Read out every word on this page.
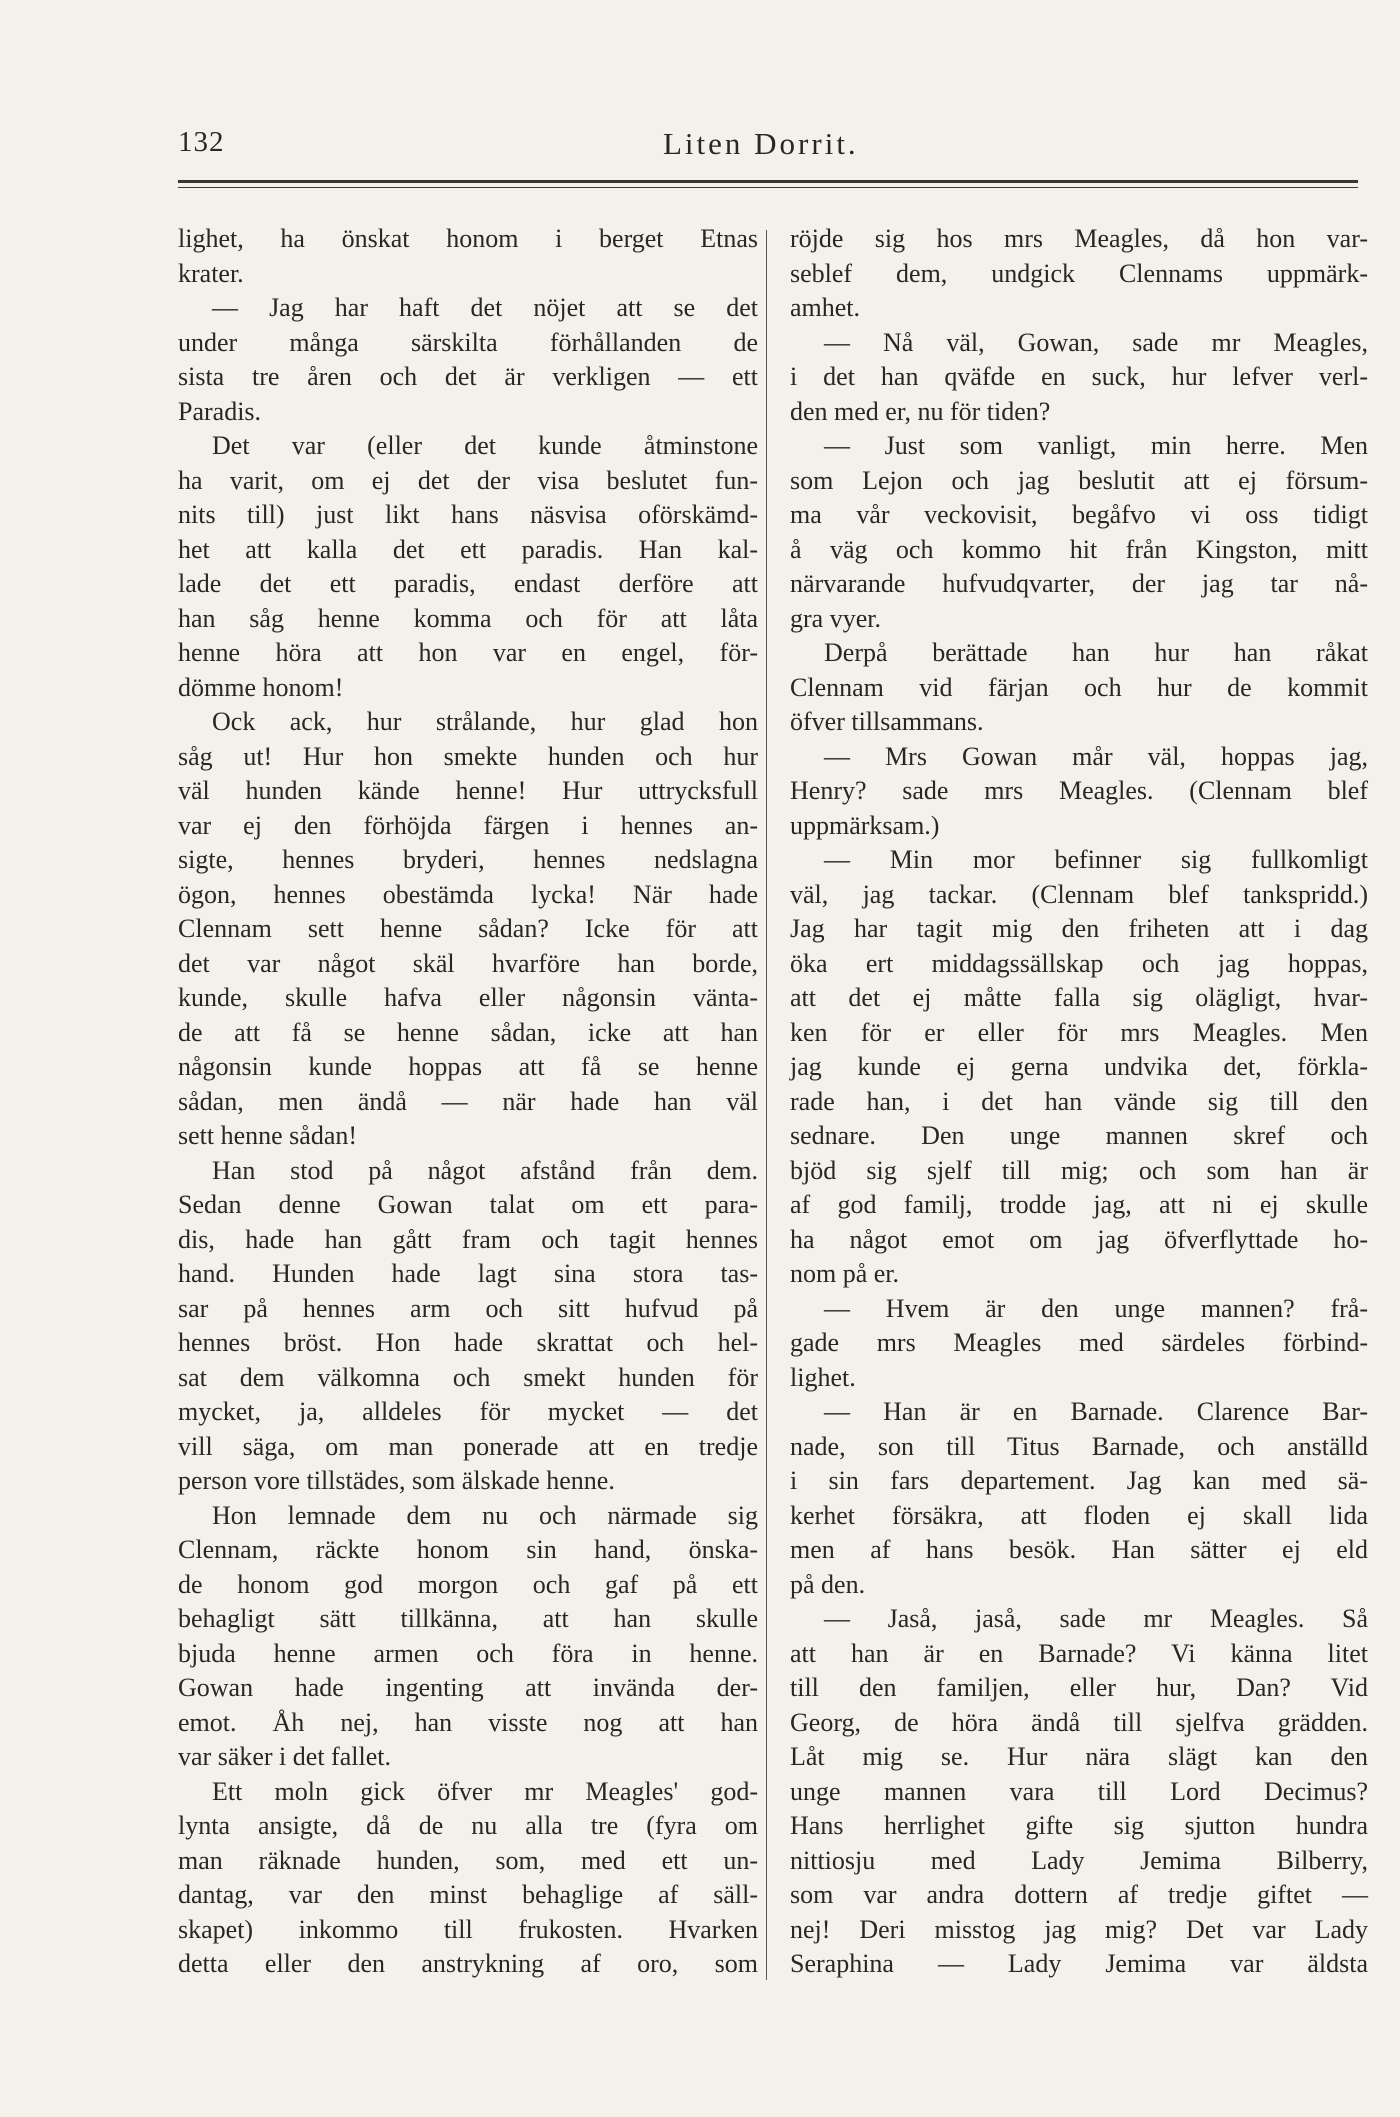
132	Liten Dorrit.
lighet, ha önskat honom i berget Etnas
krater.
— Jag har haft det nöjet att se det
under många särskilta förhållanden de
sista tre åren och det är verkligen — ett
Paradis.
Det var (eller det kunde åtminstone
ha varit, om ej det der visa beslutet fun-
nits till) just likt hans näsvisa oförskämd-
het att kalla det ett paradis. Han kal-
lade det ett paradis, endast derföre att
han såg henne komma och för att låta
henne höra att hon var en engel, för-
dömme honom!
Ock ack, hur strålande, hur glad hon
såg ut! Hur hon smekte hunden och hur
väl hunden kände henne! Hur uttrycksfull
var ej den förhöjda färgen i hennes an-
sigte, hennes bryderi, hennes nedslagna
ögon, hennes obestämda lycka! När hade
Clennam sett henne sådan? Icke för att
det var något skäl hvarföre han borde,
kunde, skulle hafva eller någonsin vänta-
de att få se henne sådan, icke att han
någonsin kunde hoppas att få se henne
sådan, men ändå — när hade han väl
sett henne sådan!
Han stod på något afstånd från dem.
Sedan denne Gowan talat om ett para-
dis, hade han gått fram och tagit hennes
hand. Hunden hade lagt sina stora tas-
sar på hennes arm och sitt hufvud på
hennes bröst. Hon hade skrattat och hel-
sat dem välkomna och smekt hunden för
mycket, ja, alldeles för mycket — det
vill säga, om man ponerade att en tredje
person vore tillstädes, som älskade henne.
Hon lemnade dem nu och närmade sig
Clennam, räckte honom sin hand, önska-
de honom god morgon och gaf på ett
behagligt sätt tillkänna, att han skulle
bjuda henne armen och föra in henne.
Gowan hade ingenting att invända der-
emot. Åh nej, han visste nog att han
var säker i det fallet.
Ett moln gick öfver mr Meagles' god-
lynta ansigte, då de nu alla tre (fyra om
man räknade hunden, som, med ett un-
dantag, var den minst behaglige af säll-
skapet) inkommo till frukosten. Hvarken
detta eller den anstrykning af oro, som
röjde sig hos mrs Meagles, då hon var-
seblef dem, undgick Clennams uppmärk-
amhet.
— Nå väl, Gowan, sade mr Meagles,
i det han qväfde en suck, hur lefver verl-
den med er, nu för tiden?
— Just som vanligt, min herre. Men
som Lejon och jag beslutit att ej försum-
ma vår veckovisit, begåfvo vi oss tidigt
å väg och kommo hit från Kingston, mitt
närvarande hufvudqvarter, der jag tar nå-
gra vyer.
Derpå berättade han hur han råkat
Clennam vid färjan och hur de kommit
öfver tillsammans.
— Mrs Gowan mår väl, hoppas jag,
Henry? sade mrs Meagles. (Clennam blef
uppmärksam.)
— Min mor befinner sig fullkomligt
väl, jag tackar. (Clennam blef tankspridd.)
Jag har tagit mig den friheten att i dag
öka ert middagssällskap och jag hoppas,
att det ej måtte falla sig olägligt, hvar-
ken för er eller för mrs Meagles. Men
jag kunde ej gerna undvika det, förkla-
rade han, i det han vände sig till den
sednare. Den unge mannen skref och
bjöd sig sjelf till mig; och som han är
af god familj, trodde jag, att ni ej skulle
ha något emot om jag öfverflyttade ho-
nom på er.
— Hvem är den unge mannen? frå-
gade mrs Meagles med särdeles förbind-
lighet.
— Han är en Barnade. Clarence Bar-
nade, son till Titus Barnade, och anställd
i sin fars departement. Jag kan med sä-
kerhet försäkra, att floden ej skall lida
men af hans besök. Han sätter ej eld
på den.
— Jaså, jaså, sade mr Meagles. Så
att han är en Barnade? Vi känna litet
till den familjen, eller hur, Dan? Vid
Georg, de höra ändå till sjelfva grädden.
Låt mig se. Hur nära slägt kan den
unge mannen vara till Lord Decimus?
Hans herrlighet gifte sig sjutton hundra
nittiosju med Lady Jemima Bilberry,
som var andra dottern af tredje giftet —
nej! Deri misstog jag mig? Det var Lady
Seraphina — Lady Jemima var äldsta
